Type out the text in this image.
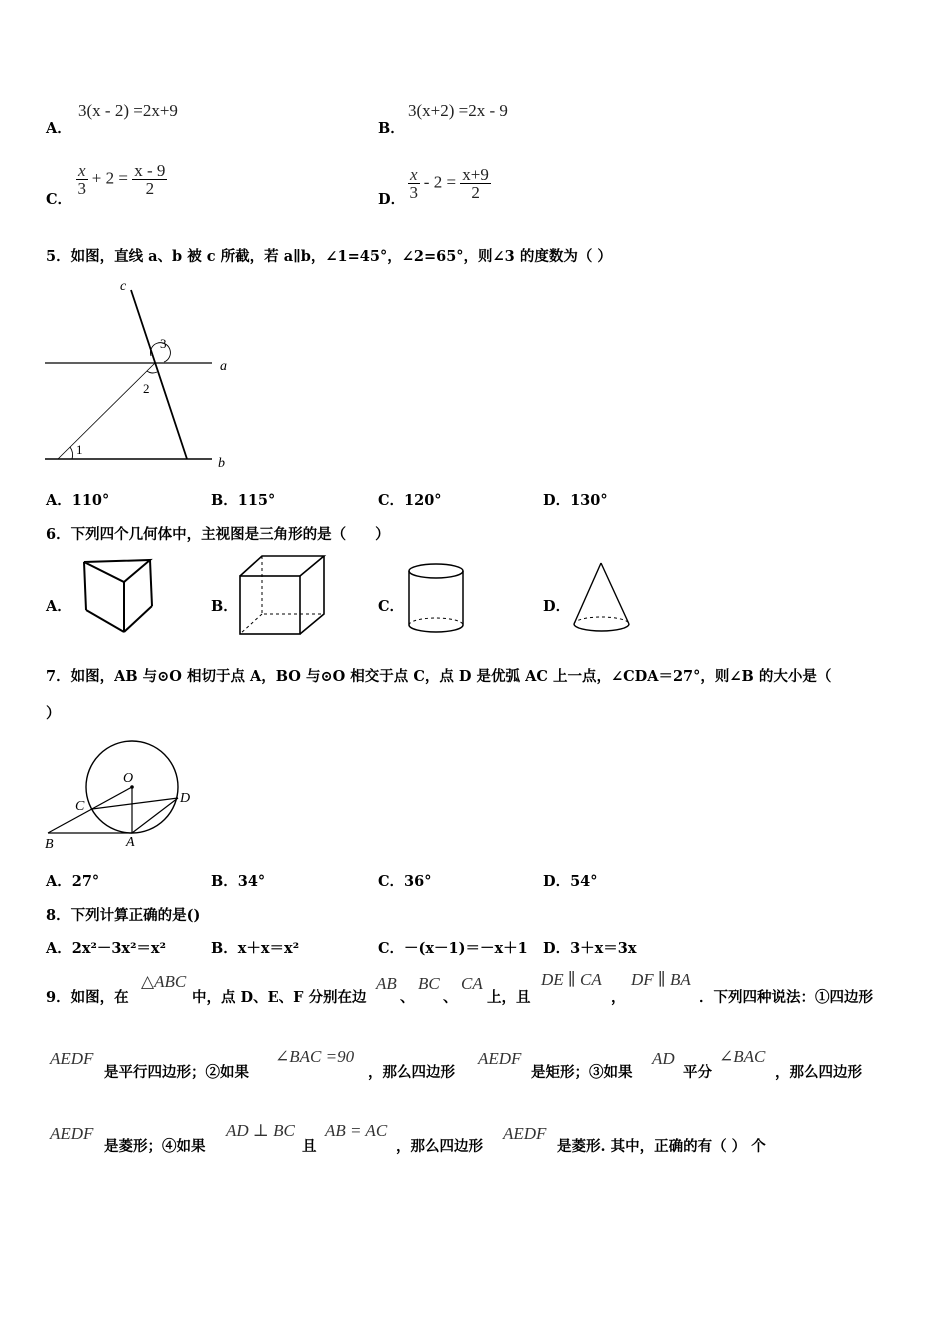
A．
3(x - 2) =2x+9
B．
3(x+2) =2x - 9
C．
$\frac{x}{3} + 2 = \frac{x - 9}{2}$
D． $\frac{x}{3} - 2 = \frac{x+9}{2}$
5．如图，直线 a、b 被 c 所截，若 a∥b，∠1=45°，∠2=65°，则∠3 的度数为（ ）
c
a
b
3
2
1
A．110°	B．115°	C．120°	D．130°
6．下列四个几何体中，主视图是三角形的是（　　）
A．	B．	C．	D．
7．如图，AB 与⊙O 相切于点 A，BO 与⊙O 相交于点 C，点 D 是优弧 AC 上一点，∠CDA＝27°，则∠B 的大小是（
）
O
C
D
B	A
A．27°	B．34°	C．36°	D．54°
8．下列计算正确的是()
A．2x²－3x²＝x²	B．x＋x＝x²	C．－(x－1)＝－x＋1 D．3＋x＝3x
9．如图，在
△ABC
中，点 D、E、F 分别在边
AB
、
BC
、
CA
上，且
DE ∥ CA
，
DF ∥ BA
．下列四种说法：①四边形
AEDF
是平行四边形；②如果
∠BAC =90
，那么四边形
AEDF
是矩形；③如果
AD
平分
∠BAC
，那么四边形
AEDF
是菱形；④如果
AD ⊥ BC
且
AB = AC
，那么四边形
AEDF
是菱形. 其中，正确的有（ ） 个
